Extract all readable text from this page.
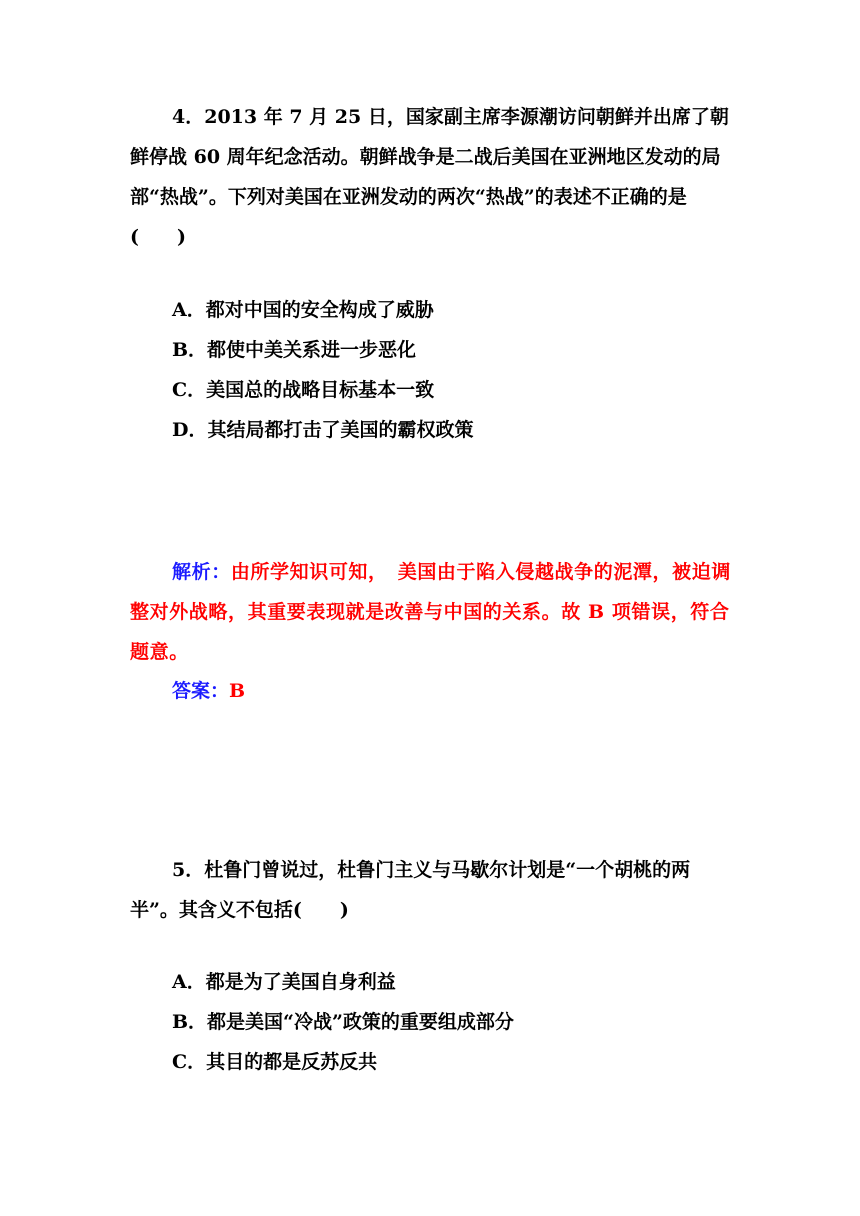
4．2013 年 7 月 25 日，国家副主席李源潮访问朝鲜并出席了朝鲜停战 60 周年纪念活动。朝鲜战争是二战后美国在亚洲地区发动的局部“热战”。下列对美国在亚洲发动的两次“热战”的表述不正确的是(　　)
A．都对中国的安全构成了威胁
B．都使中美关系进一步恶化
C．美国总的战略目标基本一致
D．其结局都打击了美国的霸权政策
解析：由所学知识可知，　美国由于陷入侵越战争的泥潭，被迫调整对外战略，其重要表现就是改善与中国的关系。故 B 项错误，符合题意。
答案：B
5．杜鲁门曾说过，杜鲁门主义与马歇尔计划是“一个胡桃的两半”。其含义不包括(　　)
A．都是为了美国自身利益
B．都是美国“冷战”政策的重要组成部分
C．其目的都是反苏反共
